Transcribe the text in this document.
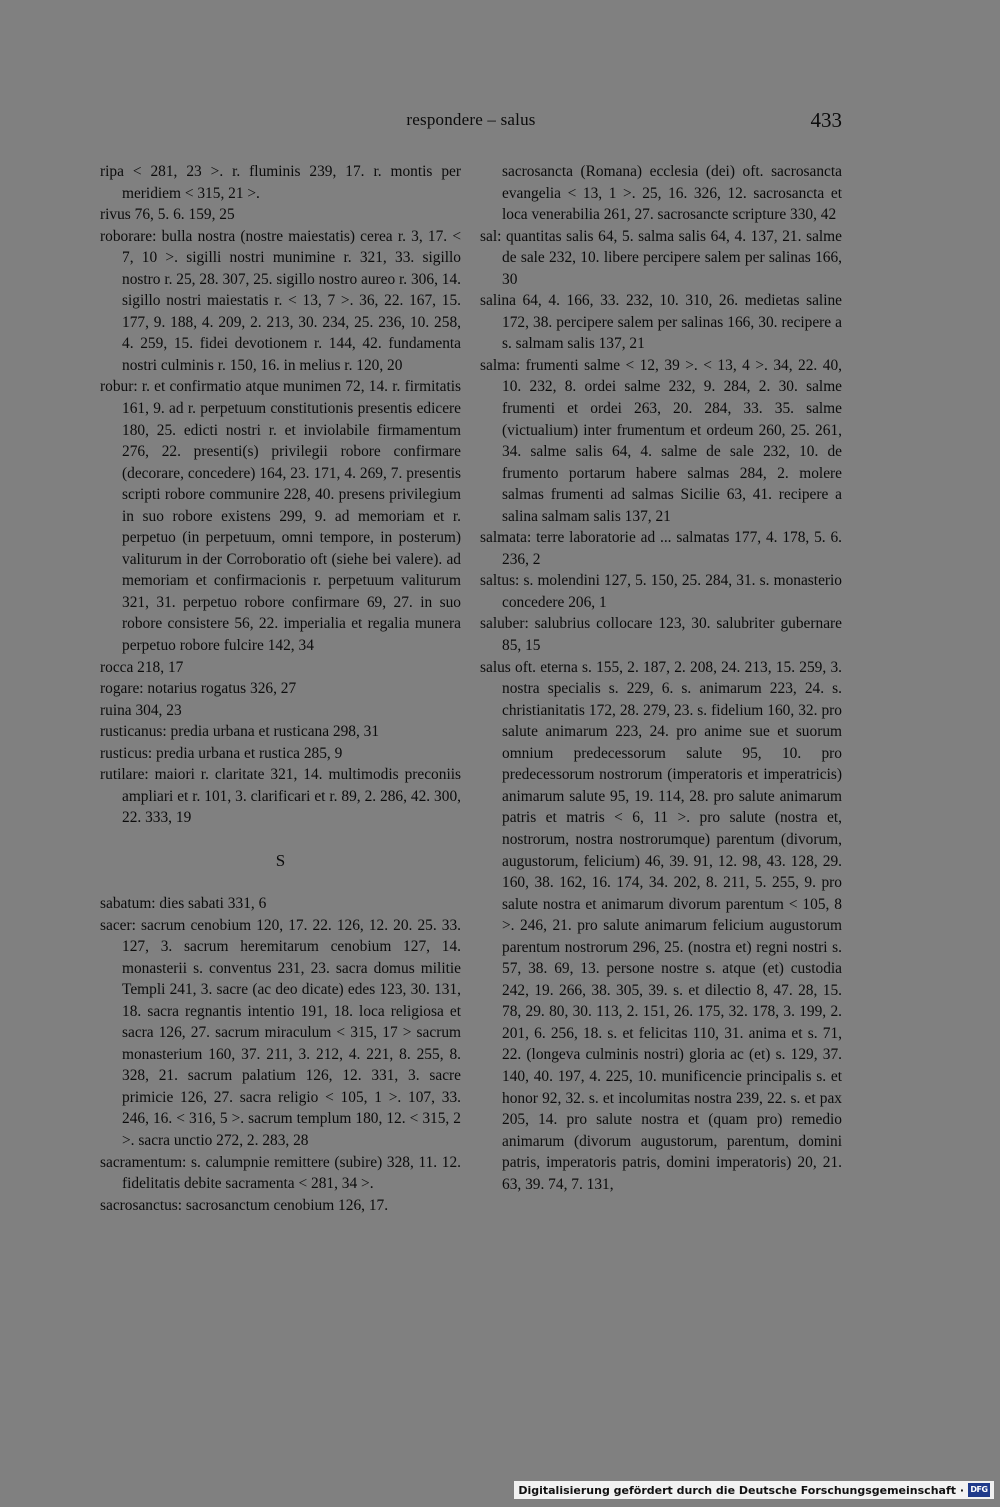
respondere – salus	433

ripa < 281, 23 >. r. fluminis 239, 17. r. montis per meridiem < 315, 21 >.

rivus 76, 5. 6. 159, 25

roborare: bulla nostra (nostre maiestatis) cerea r. 3, 17. < 7, 10 >. sigilli nostri munimine r. 321, 33. sigillo nostro r. 25, 28. 307, 25. sigillo nostro aureo r. 306, 14. sigillo nostri maiestatis r. < 13, 7 >. 36, 22. 167, 15. 177, 9. 188, 4. 209, 2. 213, 30. 234, 25. 236, 10. 258, 4. 259, 15. fidei devotionem r. 144, 42. fundamenta nostri culminis r. 150, 16. in melius r. 120, 20

robur: r. et confirmatio atque munimen 72, 14. r. firmitatis 161, 9. ad r. perpetuum constitutionis presentis edicere 180, 25. edicti nostri r. et inviolabile firmamentum 276, 22. presenti(s) privilegii robore confirmare (decorare, concedere) 164, 23. 171, 4. 269, 7. presentis scripti robore communire 228, 40. presens privilegium in suo robore existens 299, 9. ad memoriam et r. perpetuo (in perpetuum, omni tempore, in posterum) valiturum in der Corroboratio oft (siehe bei valere). ad memoriam et confirmacionis r. perpetuum valiturum 321, 31. perpetuo robore confirmare 69, 27. in suo robore consistere 56, 22. imperialia et regalia munera perpetuo robore fulcire 142, 34

rocca 218, 17

rogare: notarius rogatus 326, 27

ruina 304, 23

rusticanus: predia urbana et rusticana 298, 31

rusticus: predia urbana et rustica 285, 9

rutilare: maiori r. claritate 321, 14. multimodis preconiis ampliari et r. 101, 3. clarificari et r. 89, 2. 286, 42. 300, 22. 333, 19

S

sabatum: dies sabati 331, 6

sacer: sacrum cenobium 120, 17. 22. 126, 12. 20. 25. 33. 127, 3. sacrum heremitarum cenobium 127, 14. monasterii s. conventus 231, 23. sacra domus militie Templi 241, 3. sacre (ac deo dicate) edes 123, 30. 131, 18. sacra regnantis intentio 191, 18. loca religiosa et sacra 126, 27. sacrum miraculum < 315, 17 > sacrum monasterium 160, 37. 211, 3. 212, 4. 221, 8. 255, 8. 328, 21. sacrum palatium 126, 12. 331, 3. sacre primicie 126, 27. sacra religio < 105, 1 >. 107, 33. 246, 16. < 316, 5 >. sacrum templum 180, 12. < 315, 2 >. sacra unctio 272, 2. 283, 28

sacramentum: s. calumpnie remittere (subire) 328, 11. 12. fidelitatis debite sacramenta < 281, 34 >.

sacrosanctus: sacrosanctum cenobium 126, 17.

sacrosancta (Romana) ecclesia (dei) oft. sacrosancta evangelia < 13, 1 >. 25, 16. 326, 12. sacrosancta et loca venerabilia 261, 27. sacrosancte scripture 330, 42

sal: quantitas salis 64, 5. salma salis 64, 4. 137, 21. salme de sale 232, 10. libere percipere salem per salinas 166, 30

salina 64, 4. 166, 33. 232, 10. 310, 26. medietas saline 172, 38. percipere salem per salinas 166, 30. recipere a s. salmam salis 137, 21

salma: frumenti salme < 12, 39 >. < 13, 4 >. 34, 22. 40, 10. 232, 8. ordei salme 232, 9. 284, 2. 30. salme frumenti et ordei 263, 20. 284, 33. 35. salme (victualium) inter frumentum et ordeum 260, 25. 261, 34. salme salis 64, 4. salme de sale 232, 10. de frumento portarum habere salmas 284, 2. molere salmas frumenti ad salmas Sicilie 63, 41. recipere a salina salmam salis 137, 21

salmata: terre laboratorie ad ... salmatas 177, 4. 178, 5. 6. 236, 2

saltus: s. molendini 127, 5. 150, 25. 284, 31. s. monasterio concedere 206, 1

saluber: salubrius collocare 123, 30. salubriter gubernare 85, 15

salus oft. eterna s. 155, 2. 187, 2. 208, 24. 213, 15. 259, 3. nostra specialis s. 229, 6. s. animarum 223, 24. s. christianitatis 172, 28. 279, 23. s. fidelium 160, 32. pro salute animarum 223, 24. pro anime sue et suorum omnium predecessorum salute 95, 10. pro predecessorum nostrorum (imperatoris et imperatricis) animarum salute 95, 19. 114, 28. pro salute animarum patris et matris < 6, 11 >. pro salute (nostra et, nostrorum, nostra nostrorumque) parentum (divorum, augustorum, felicium) 46, 39. 91, 12. 98, 43. 128, 29. 160, 38. 162, 16. 174, 34. 202, 8. 211, 5. 255, 9. pro salute nostra et animarum divorum parentum < 105, 8 >. 246, 21. pro salute animarum felicium augustorum parentum nostrorum 296, 25. (nostra et) regni nostri s. 57, 38. 69, 13. persone nostre s. atque (et) custodia 242, 19. 266, 38. 305, 39. s. et dilectio 8, 47. 28, 15. 78, 29. 80, 30. 113, 2. 151, 26. 175, 32. 178, 3. 199, 2. 201, 6. 256, 18. s. et felicitas 110, 31. anima et s. 71, 22. (longeva culminis nostri) gloria ac (et) s. 129, 37. 140, 40. 197, 4. 225, 10. munificencie principalis s. et honor 92, 32. s. et incolumitas nostra 239, 22. s. et pax 205, 14. pro salute nostra et (quam pro) remedio animarum (divorum augustorum, parentum, domini patris, imperatoris patris, domini imperatoris) 20, 21. 63, 39. 74, 7. 131,

Digitalisierung gefördert durch die Deutsche Forschungsgemeinschaft · DFG
